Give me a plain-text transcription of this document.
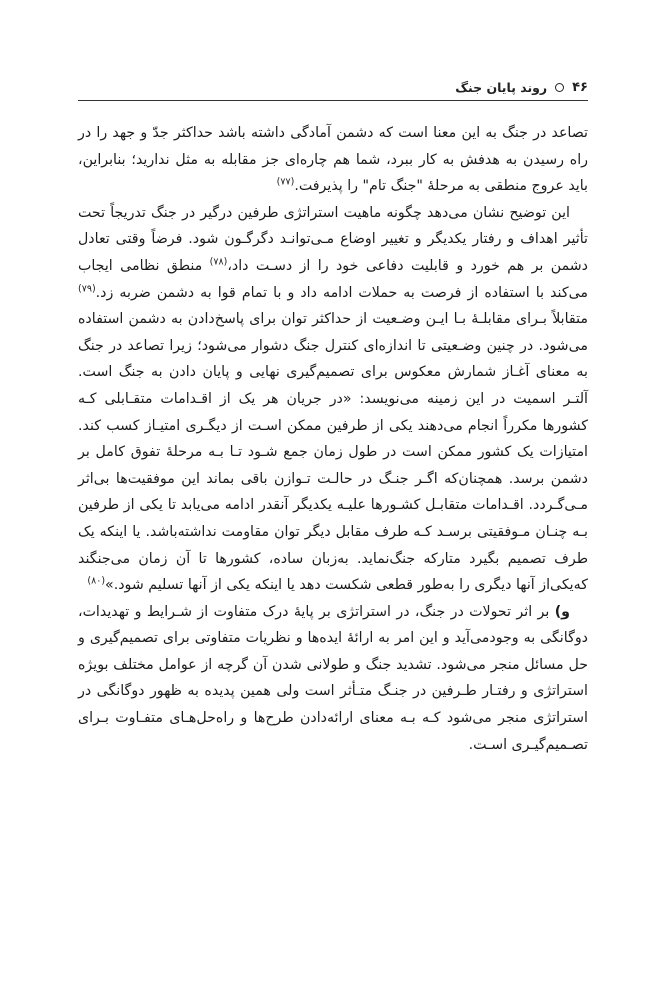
۴۶
روند پایان جنگ

تصاعد در جنگ به این معنا است که دشمن آمادگی داشته باشد حداکثر جدّ و جهد را در راه رسیدن به هدفش به کار ببرد، شما هم چاره‌ای جز مقابله به مثل ندارید؛ بنابراین، باید عروج منطقی به مرحلهٔ "جنگ تام" را پذیرفت.$^{(۷۷)}$

این توضیح نشان می‌دهد چگونه ماهیت استراتژی طرفین درگیر در جنگ تدریجاً تحت تأثیر اهداف و رفتار یکدیگر و تغییر اوضاع مـی‌توانـد دگرگـون شود. فرضاً وقتی تعادل دشمن بر هم خورد و قابلیت دفاعی خود را از دسـت داد،$^{(۷۸)}$ منطق نظامی ایجاب می‌کند با استفاده از فرصت به حملات ادامه داد و با تمام قوا به دشمن ضربه زد.$^{(۷۹)}$ متقابلاً بـرای مقابلـهٔ بـا ایـن وضـعیت از حداکثر توان برای پاسخ‌دادن به دشمن استفاده می‌شود. در چنین وضـعیتی تا اندازه‌ای کنترل جنگ دشوار می‌شود؛ زیرا تصاعد در جنگ به معنای آغـاز شمارش معکوس برای تصمیم‌گیری نهایی و پایان دادن به جنگ است. آلتـر اسمیت در این زمینه می‌نویسد: «در جریان هر یک از اقـدامات متقـابلی کـه کشورها مکرراً انجام می‌دهند یکی از طرفین ممکن اسـت از دیگـری امتیـاز کسب کند. امتیازات یک کشور ممکن است در طول زمان جمع شـود تـا بـه مرحلهٔ تفوق کامل بر دشمن برسد. همچنان‌که اگـر جنـگ در حالـت تـوازن باقی بماند این موفقیت‌ها بی‌اثر مـی‌گـردد. اقـدامات متقابـل کشـورها علیـه یکدیگر آنقدر ادامه می‌یابد تا یکی از طرفین بـه چنـان مـوفقیتی برسـد کـه طرف مقابل دیگر توان مقاومت نداشته‌باشد. یا اینکه یک طرف تصمیم بگیرد متارکه جنگ‌نماید. به‌زبان ساده، کشورها تا آن زمان می‌جنگند که‌یکی‌از آنها دیگری را به‌طور قطعی شکست دهد یا اینکه یکی از آنها تسلیم شود.»$^{(۸۰)}$

و) بر اثر تحولات در جنگ، در استراتژی بر پایهٔ درک متفاوت از شـرایط و تهدیدات، دوگانگی به وجودمی‌آید و این امر به ارائهٔ ایده‌ها و نظریات متفاوتی برای تصمیم‌گیری و حل مسائل منجر می‌شود. تشدید جنگ و طولانی شدن آن گرچه از عوامل مختلف بویژه استراتژی و رفتـار طـرفین در جنـگ متـأثر است ولی همین پدیده به ظهور دوگانگی در استراتژی منجر می‌شود کـه بـه معنای ارائه‌دادن طرح‌ها و راه‌حل‌هـای متفـاوت بـرای تصـمیم‌گیـری اسـت.
